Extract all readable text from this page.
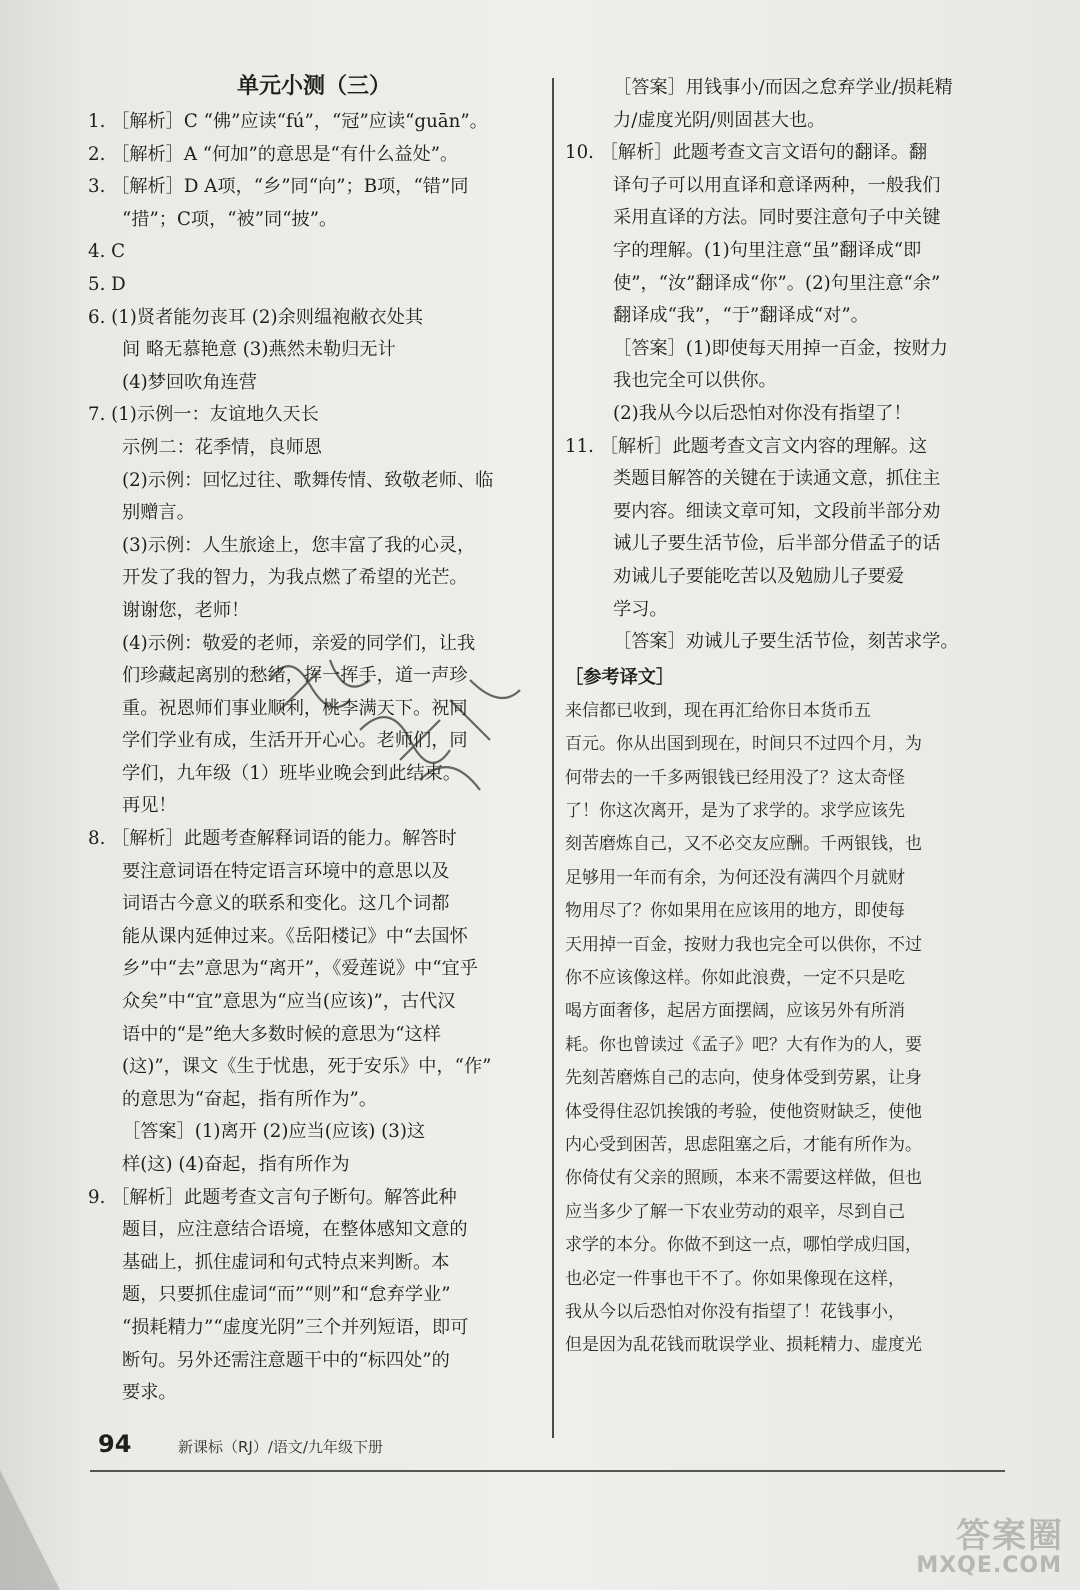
单元小测（三）
1. ［解析］C “佛”应读“fú”，“冠”应读“guān”。
2. ［解析］A “何加”的意思是“有什么益处”。
3. ［解析］D A项，“乡”同“向”；B项，“错”同
“措”；C项，“被”同“披”。
4. C
5. D
6. (1)贤者能勿丧耳 (2)余则缊袍敝衣处其
间 略无慕艳意 (3)燕然未勒归无计
(4)梦回吹角连营
7. (1)示例一：友谊地久天长
示例二：花季情，良师恩
(2)示例：回忆过往、歌舞传情、致敬老师、临
别赠言。
(3)示例：人生旅途上，您丰富了我的心灵，
开发了我的智力，为我点燃了希望的光芒。
谢谢您，老师！
(4)示例：敬爱的老师，亲爱的同学们，让我
们珍藏起离别的愁绪，挥一挥手，道一声珍
重。祝恩师们事业顺利，桃李满天下。祝同
学们学业有成，生活开开心心。老师们，同
学们，九年级（1）班毕业晚会到此结束。
再见！
8. ［解析］此题考查解释词语的能力。解答时
要注意词语在特定语言环境中的意思以及
词语古今意义的联系和变化。这几个词都
能从课内延伸过来。《岳阳楼记》中“去国怀
乡”中“去”意思为“离开”，《爱莲说》中“宜乎
众矣”中“宜”意思为“应当(应该)”，古代汉
语中的“是”绝大多数时候的意思为“这样
(这)”，课文《生于忧患，死于安乐》中，“作”
的意思为“奋起，指有所作为”。
［答案］(1)离开 (2)应当(应该) (3)这
样(这) (4)奋起，指有所作为
9. ［解析］此题考查文言句子断句。解答此种
题目，应注意结合语境，在整体感知文意的
基础上，抓住虚词和句式特点来判断。本
题，只要抓住虚词“而”“则”和“怠弃学业”
“损耗精力”“虚度光阴”三个并列短语，即可
断句。另外还需注意题干中的“标四处”的
要求。
［答案］用钱事小/而因之怠弃学业/损耗精
力/虚度光阴/则固甚大也。
10. ［解析］此题考查文言文语句的翻译。翻
译句子可以用直译和意译两种，一般我们
采用直译的方法。同时要注意句子中关键
字的理解。(1)句里注意“虽”翻译成“即
使”，“汝”翻译成“你”。(2)句里注意“余”
翻译成“我”，“于”翻译成“对”。
［答案］(1)即使每天用掉一百金，按财力
我也完全可以供你。
(2)我从今以后恐怕对你没有指望了！
11. ［解析］此题考查文言文内容的理解。这
类题目解答的关键在于读通文意，抓住主
要内容。细读文章可知，文段前半部分劝
诫儿子要生活节俭，后半部分借孟子的话
劝诫儿子要能吃苦以及勉励儿子要爱
学习。
［答案］劝诫儿子要生活节俭，刻苦求学。
［参考译文］
来信都已收到，现在再汇给你日本货币五
百元。你从出国到现在，时间只不过四个月，为
何带去的一千多两银钱已经用没了？这太奇怪
了！你这次离开，是为了求学的。求学应该先
刻苦磨炼自己，又不必交友应酬。千两银钱，也
足够用一年而有余，为何还没有满四个月就财
物用尽了？你如果用在应该用的地方，即使每
天用掉一百金，按财力我也完全可以供你，不过
你不应该像这样。你如此浪费，一定不只是吃
喝方面奢侈，起居方面摆阔，应该另外有所消
耗。你也曾读过《孟子》吧？大有作为的人，要
先刻苦磨炼自己的志向，使身体受到劳累，让身
体受得住忍饥挨饿的考验，使他资财缺乏，使他
内心受到困苦，思虑阻塞之后，才能有所作为。
你倚仗有父亲的照顾，本来不需要这样做，但也
应当多少了解一下农业劳动的艰辛，尽到自己
求学的本分。你做不到这一点，哪怕学成归国，
也必定一件事也干不了。你如果像现在这样，
我从今以后恐怕对你没有指望了！花钱事小，
但是因为乱花钱而耽误学业、损耗精力、虚度光
94	新课标（RJ）/语文/九年级下册
答案圈
MXQE.COM
